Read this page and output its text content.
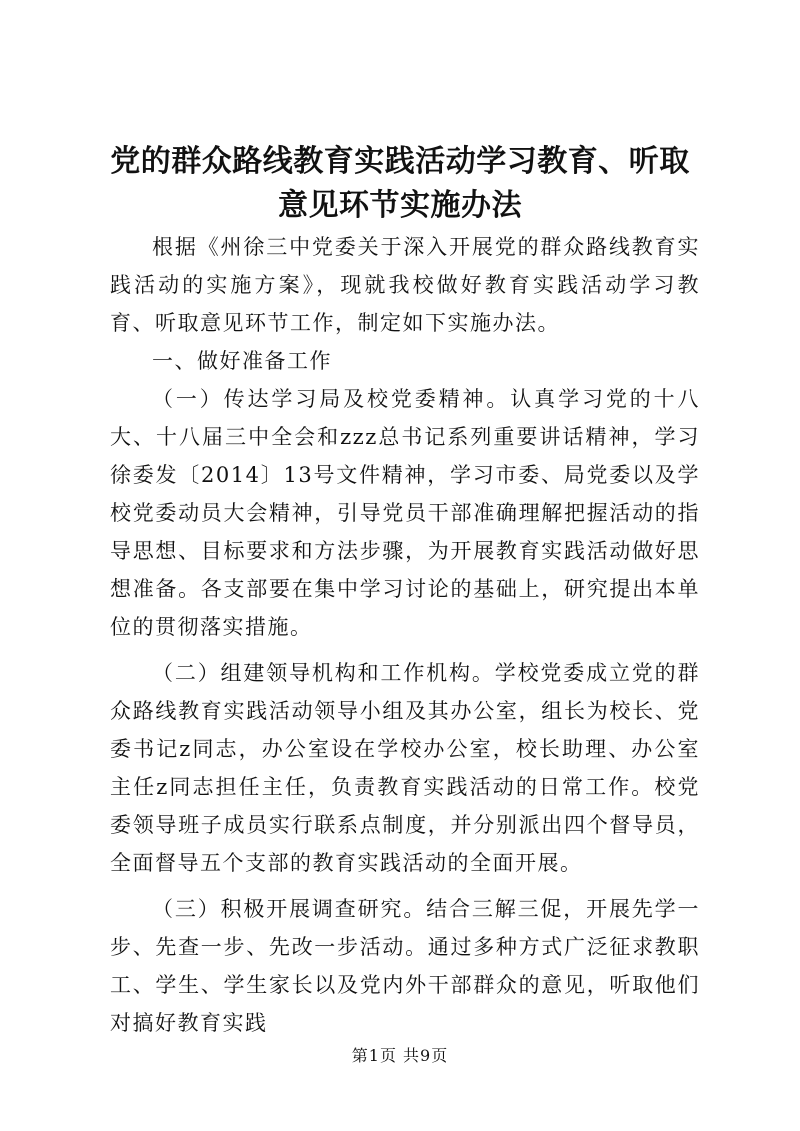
党的群众路线教育实践活动学习教育、听取意见环节实施办法

根据《州徐三中党委关于深入开展党的群众路线教育实践活动的实施方案》，现就我校做好教育实践活动学习教育、听取意见环节工作，制定如下实施办法。

一、做好准备工作

（一）传达学习局及校党委精神。认真学习党的十八大、十八届三中全会和zzz总书记系列重要讲话精神，学习徐委发〔2014〕13号文件精神，学习市委、局党委以及学校党委动员大会精神，引导党员干部准确理解把握活动的指导思想、目标要求和方法步骤，为开展教育实践活动做好思想准备。各支部要在集中学习讨论的基础上，研究提出本单位的贯彻落实措施。

（二）组建领导机构和工作机构。学校党委成立党的群众路线教育实践活动领导小组及其办公室，组长为校长、党委书记z同志，办公室设在学校办公室，校长助理、办公室主任z同志担任主任，负责教育实践活动的日常工作。校党委领导班子成员实行联系点制度，并分别派出四个督导员，全面督导五个支部的教育实践活动的全面开展。

（三）积极开展调查研究。结合三解三促，开展先学一步、先查一步、先改一步活动。通过多种方式广泛征求教职工、学生、学生家长以及党内外干部群众的意见，听取他们对搞好教育实践

第1页 共9页
